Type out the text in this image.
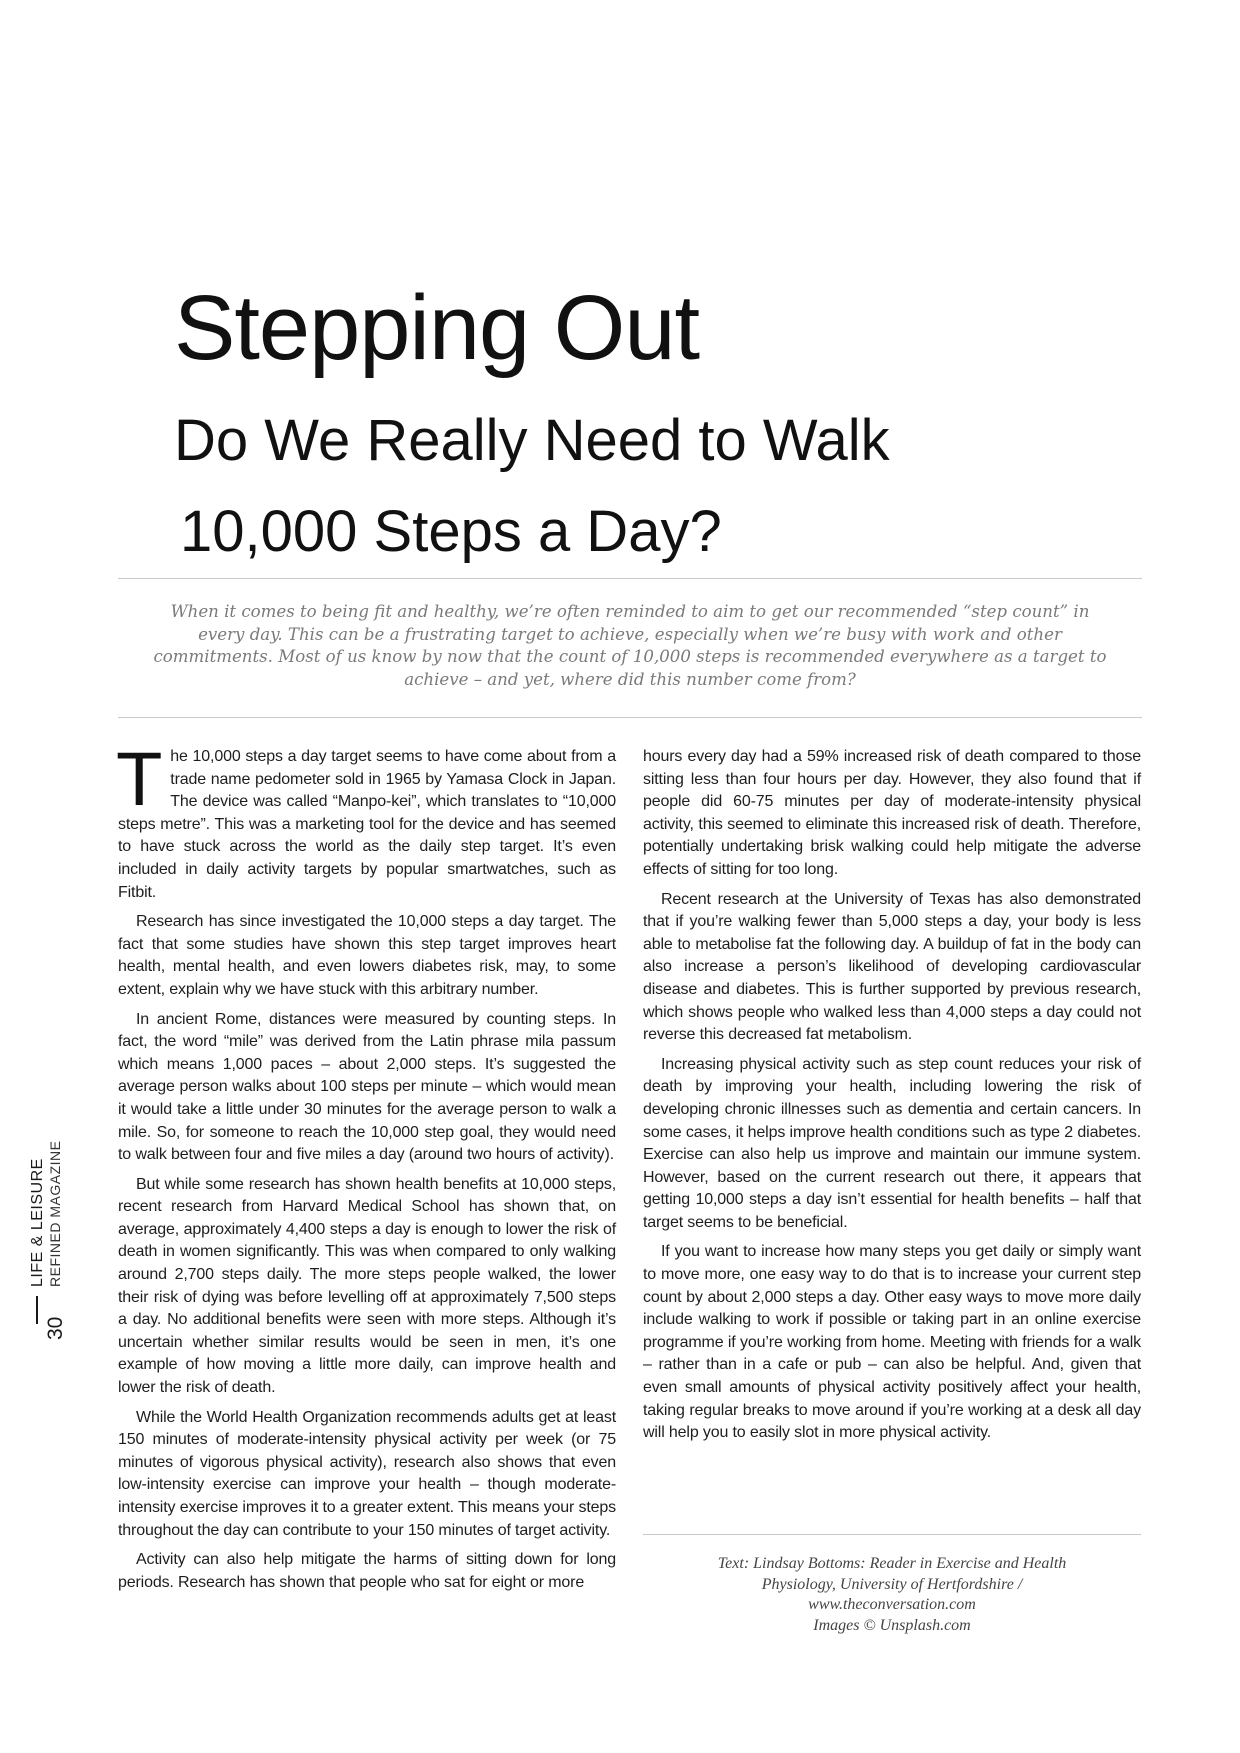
Stepping Out
Do We Really Need to Walk
10,000 Steps a Day?

When it comes to being fit and healthy, we’re often reminded to aim to get our recommended “step count” in every day. This can be a frustrating target to achieve, especially when we’re busy with work and other commitments. Most of us know by now that the count of 10,000 steps is recommended everywhere as a target to achieve – and yet, where did this number come from?

The 10,000 steps a day target seems to have come about from a trade name pedometer sold in 1965 by Yamasa Clock in Japan. The device was called “Manpo-kei”, which translates to “10,000 steps metre”. This was a marketing tool for the device and has seemed to have stuck across the world as the daily step target. It’s even included in daily activity targets by popular smartwatches, such as Fitbit.

Research has since investigated the 10,000 steps a day target. The fact that some studies have shown this step target improves heart health, mental health, and even lowers diabetes risk, may, to some extent, explain why we have stuck with this arbitrary number.

In ancient Rome, distances were measured by counting steps. In fact, the word “mile” was derived from the Latin phrase mila passum which means 1,000 paces – about 2,000 steps. It’s suggested the average person walks about 100 steps per minute – which would mean it would take a little under 30 minutes for the average person to walk a mile. So, for someone to reach the 10,000 step goal, they would need to walk between four and five miles a day (around two hours of activity).

But while some research has shown health benefits at 10,000 steps, recent research from Harvard Medical School has shown that, on average, approximately 4,400 steps a day is enough to lower the risk of death in women significantly. This was when compared to only walking around 2,700 steps daily. The more steps people walked, the lower their risk of dying was before levelling off at approximately 7,500 steps a day. No additional benefits were seen with more steps. Although it’s uncertain whether similar results would be seen in men, it’s one example of how moving a little more daily, can improve health and lower the risk of death.

While the World Health Organization recommends adults get at least 150 minutes of moderate-intensity physical activity per week (or 75 minutes of vigorous physical activity), research also shows that even low-intensity exercise can improve your health – though moderate-intensity exercise improves it to a greater extent. This means your steps throughout the day can contribute to your 150 minutes of target activity.

Activity can also help mitigate the harms of sitting down for long periods. Research has shown that people who sat for eight or more

hours every day had a 59% increased risk of death compared to those sitting less than four hours per day. However, they also found that if people did 60-75 minutes per day of moderate-intensity physical activity, this seemed to eliminate this increased risk of death. Therefore, potentially undertaking brisk walking could help mitigate the adverse effects of sitting for too long.

Recent research at the University of Texas has also demonstrated that if you’re walking fewer than 5,000 steps a day, your body is less able to metabolise fat the following day. A buildup of fat in the body can also increase a person’s likelihood of developing cardiovascular disease and diabetes. This is further supported by previous research, which shows people who walked less than 4,000 steps a day could not reverse this decreased fat metabolism.

Increasing physical activity such as step count reduces your risk of death by improving your health, including lowering the risk of developing chronic illnesses such as dementia and certain cancers. In some cases, it helps improve health conditions such as type 2 diabetes. Exercise can also help us improve and maintain our immune system. However, based on the current research out there, it appears that getting 10,000 steps a day isn’t essential for health benefits – half that target seems to be beneficial.

If you want to increase how many steps you get daily or simply want to move more, one easy way to do that is to increase your current step count by about 2,000 steps a day. Other easy ways to move more daily include walking to work if possible or taking part in an online exercise programme if you’re working from home. Meeting with friends for a walk – rather than in a cafe or pub – can also be helpful. And, given that even small amounts of physical activity positively affect your health, taking regular breaks to move around if you’re working at a desk all day will help you to easily slot in more physical activity.

Text: Lindsay Bottoms: Reader in Exercise and Health
Physiology, University of Hertfordshire /
www.theconversation.com
Images © Unsplash.com
LIFE & LEISURE REFINED MAGAZINE
30
